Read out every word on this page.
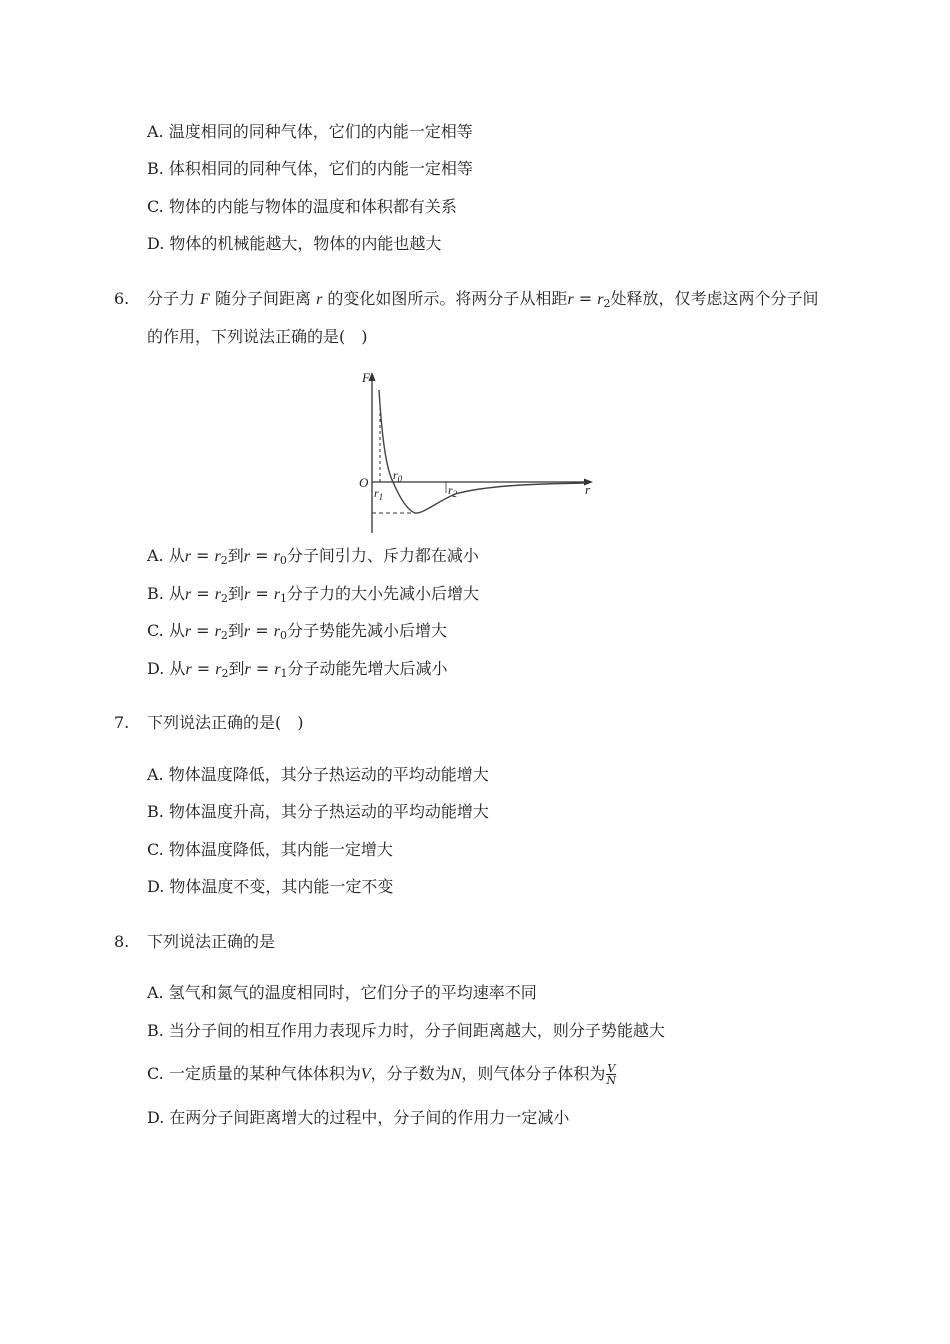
A. 温度相同的同种气体，它们的内能一定相等
B. 体积相同的同种气体，它们的内能一定相等
C. 物体的内能与物体的温度和体积都有关系
D. 物体的机械能越大，物体的内能也越大
6.	分子力 F 随分子间距离 r 的变化如图所示。将两分子从相距$r = r_2$处释放，仅考虑这两个分子间
的作用，下列说法正确的是(　)
F
r
O $r_0$
$r_1$	$r_2$
A. 从$r = r_2$到$r = r_0$分子间引力、斥力都在减小
B. 从$r = r_2$到$r = r_1$分子力的大小先减小后增大
C. 从$r = r_2$到$r = r_0$分子势能先减小后增大
D. 从$r = r_2$到$r = r_1$分子动能先增大后减小
7.	下列说法正确的是(　)
A. 物体温度降低，其分子热运动的平均动能增大
B. 物体温度升高，其分子热运动的平均动能增大
C. 物体温度降低，其内能一定增大
D. 物体温度不变，其内能一定不变
8.	下列说法正确的是
A. 氢气和氮气的温度相同时，它们分子的平均速率不同
B. 当分子间的相互作用力表现斥力时，分子间距离越大，则分子势能越大
C. 一定质量的某种气体体积为V，分子数为N，则气体分子体积为 $\frac{V}{N}$
D. 在两分子间距离增大的过程中，分子间的作用力一定减小
